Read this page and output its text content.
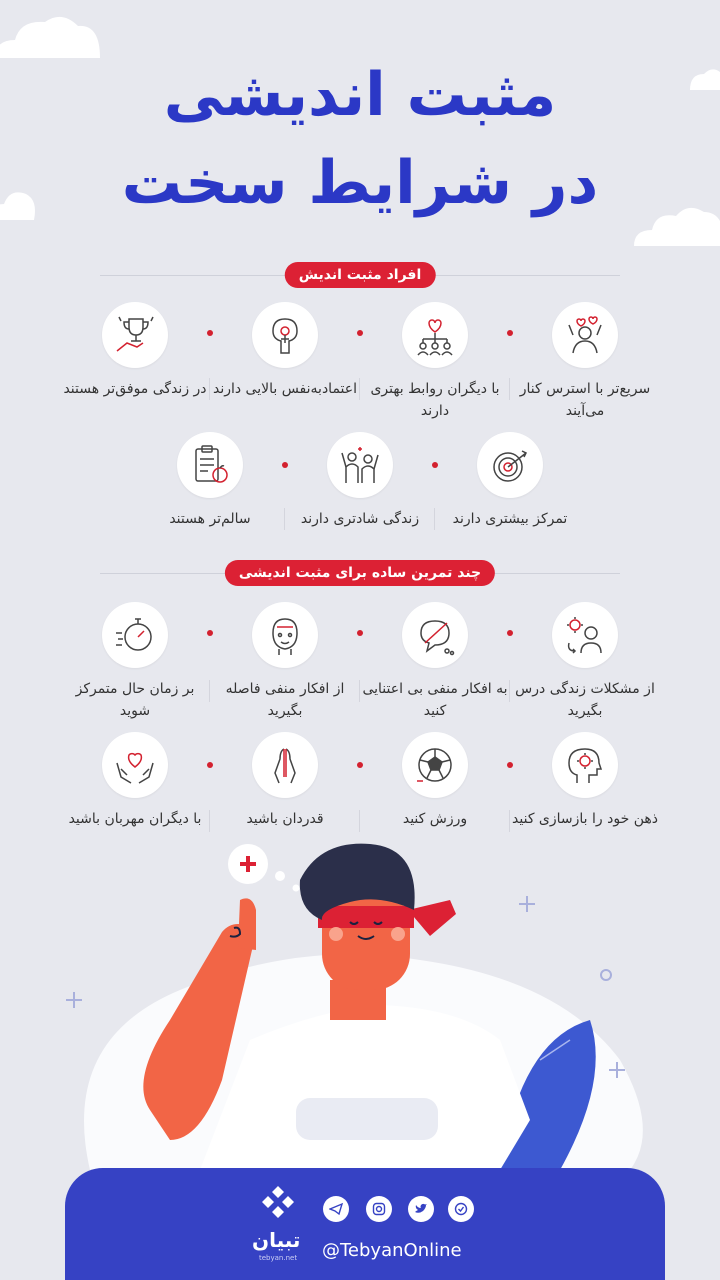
مثبت اندیشی
در شرایط سخت
افراد مثبت اندیش
سریع‌تر با استرس کنار می‌آیند
با دیگران روابط بهتری دارند
اعتماد‌به‌نفس بالایی دارند
در زندگی موفق‌تر هستند
تمرکز بیشتری دارند
زندگی شادتری دارند
سالم‌تر هستند
چند تمرین ساده برای مثبت اندیشی
از مشکلات زندگی درس بگیرید
به افکار منفی بی اعتنایی کنید
از افکار منفی فاصله بگیرید
بر زمان حال متمرکز شوید
ذهن خود را بازسازی کنید
ورزش کنید
قدردان باشید
با دیگران مهربان باشید
@TebyanOnline
تبیان
tebyan.net
